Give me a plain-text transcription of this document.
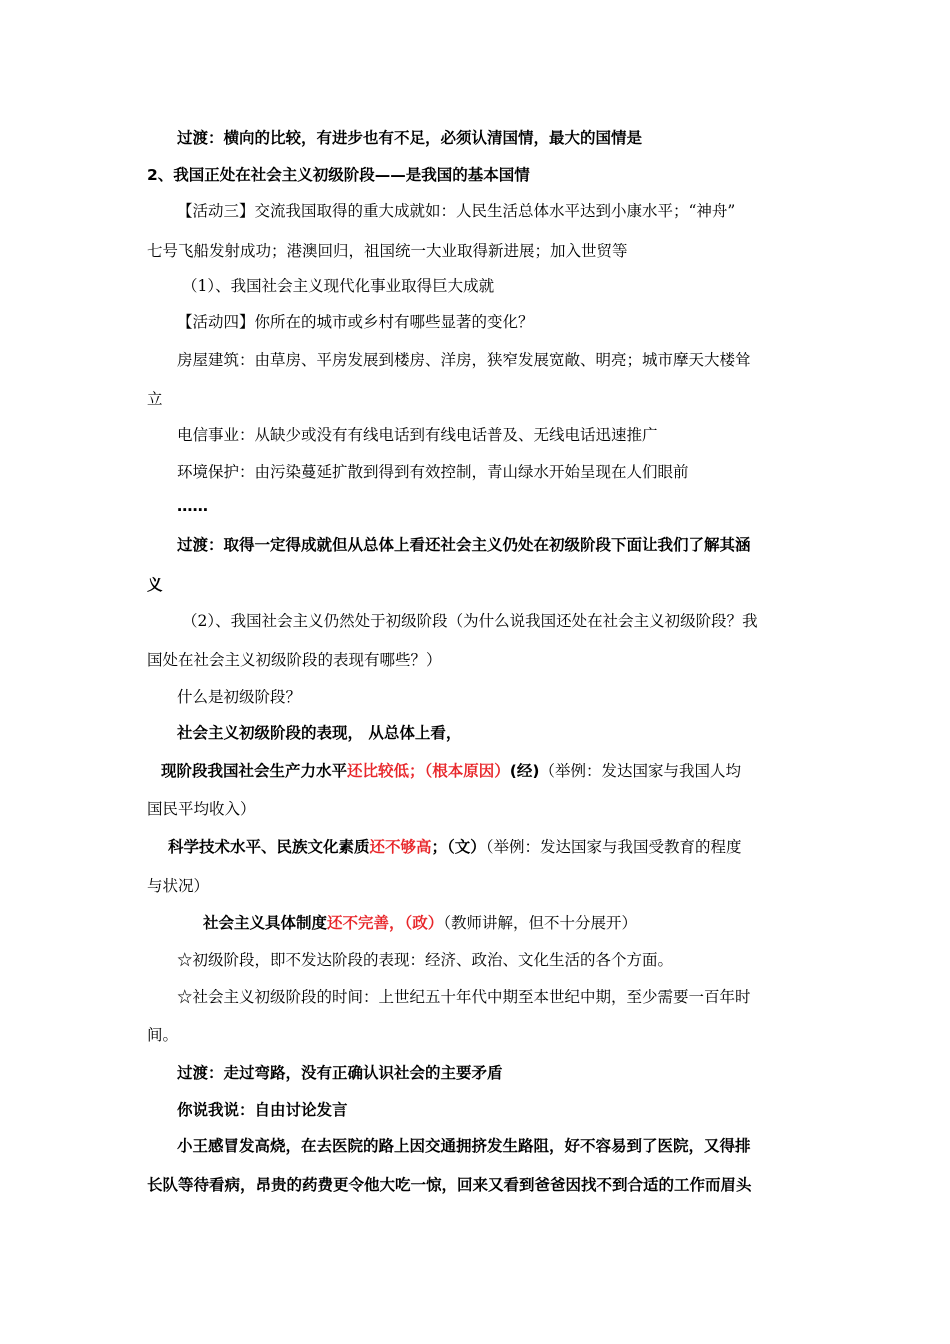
过渡：横向的比较，有进步也有不足，必须认清国情，最大的国情是
2、我国正处在社会主义初级阶段——是我国的基本国情
【活动三】交流我国取得的重大成就如：人民生活总体水平达到小康水平；“神舟”
七号飞船发射成功；港澳回归，祖国统一大业取得新进展；加入世贸等
（1）、我国社会主义现代化事业取得巨大成就
【活动四】你所在的城市或乡村有哪些显著的变化？
房屋建筑：由草房、平房发展到楼房、洋房，狭窄发展宽敞、明亮；城市摩天大楼耸
立
电信事业：从缺少或没有有线电话到有线电话普及、无线电话迅速推广
环境保护：由污染蔓延扩散到得到有效控制，青山绿水开始呈现在人们眼前
……
过渡：取得一定得成就但从总体上看还社会主义仍处在初级阶段下面让我们了解其涵
义
（2）、我国社会主义仍然处于初级阶段（为什么说我国还处在社会主义初级阶段？我
国处在社会主义初级阶段的表现有哪些？）
什么是初级阶段？
社会主义初级阶段的表现， 从总体上看，
现阶段我国社会生产力水平还比较低；（根本原因）(经)（举例：发达国家与我国人均
国民平均收入）
科学技术水平、民族文化素质还不够高；（文）（举例：发达国家与我国受教育的程度
与状况）
社会主义具体制度还不完善，（政）（教师讲解，但不十分展开）
☆初级阶段，即不发达阶段的表现：经济、政治、文化生活的各个方面。
☆社会主义初级阶段的时间：上世纪五十年代中期至本世纪中期，至少需要一百年时
间。
过渡：走过弯路，没有正确认识社会的主要矛盾
你说我说：自由讨论发言
小王感冒发高烧，在去医院的路上因交通拥挤发生路阻，好不容易到了医院，又得排
长队等待看病，昂贵的药费更令他大吃一惊，回来又看到爸爸因找不到合适的工作而眉头
